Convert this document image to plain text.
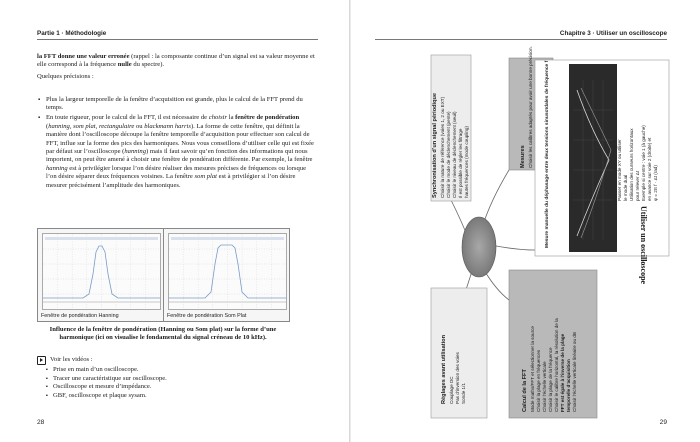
Partie 1 · Méthodologie

la FFT donne une valeur erronée (rappel : la composante continue d’un signal est sa valeur moyenne et elle correspond à la fréquence nulle du spectre).

Quelques précisions :

▪ Plus la largeur temporelle de la fenêtre d’acquisition est grande, plus le calcul de la FFT prend du temps.
▪ En toute rigueur, pour le calcul de la FFT, il est nécessaire de choisir la fenêtre de pondération (hanning, som plat, rectangulaire ou blackmann harris). La forme de cette fenêtre, qui définit la manière dont l’oscilloscope découpe la fenêtre temporelle d’acquisition pour effectuer son calcul de FFT, influe sur la forme des pics des harmoniques. Nous vous conseillons d’utiliser celle qui est fixée par défaut sur l’oscilloscope (hanning) mais il faut savoir qu’en fonction des informations qui nous importent, on peut être amené à choisir une fenêtre de pondération différente. Par exemple, la fenêtre hanning est à privilégier lorsque l’on désire réaliser des mesures précises de fréquences ou lorsque l’on désire séparer deux fréquences voisines. La fenêtre som plat est à privilégier si l’on désire mesurer précisément l’amplitude des harmoniques.
Fenêtre de pondération Hanning	Fenêtre de pondération Som Plat
Influence de la fenêtre de pondération (Hanning ou Som plat) sur la forme d’une harmonique (ici on visualise le fondamental du signal créneau de 10 kHz).
Voir les vidéos :
▪ Prise en main d’un oscilloscope.
▪ Tracer une caractéristique sur oscilloscope.
▪ Oscilloscope et mesure d’impédance.
▪ GBF, oscilloscope et plaque sysam.
28
Chapitre 3 · Utiliser un oscilloscope
Oscilloscope
Synchronisation d’un signal périodique Choisir la nature de référence (voies 1, 2 ou EXT) Choisir le mode de déclenchement (pente) Choisir le niveau de déclenchement (seuil) Il est possible de régler les filtrage hautes fréquences (mode coupling)	Mesures Choisir les calibres adaptés pour avoir une bonne précision.	Mesure manuelle du déphasage entre deux tensions sinusoïdales de fréquence f	Passer en mode XY ou utiliser le mode dual Utilisation des curseurs horizontaux pour relever Δt Exemple si centre : voie 1 (à gauche) en avance sur voie 2 (droite) et φ = 2π f · Δt (rad)
Réglages avant utilisation Couplage DC Pas d’inversion des voies Sonde 1/1	Calcul de la FFT Mode maths/FFT et sélectionner la source Choisir la plage en fréquences Choisir l’échelle verticale Choisir la plage de la fréquence Choisir le calibre horizontal, la résolution de la FFT est égale à l’inverse de la plage temporelle d’acquisition Choisir l’échelle verticale linéaire ou dB
Utiliser un oscilloscope
29
